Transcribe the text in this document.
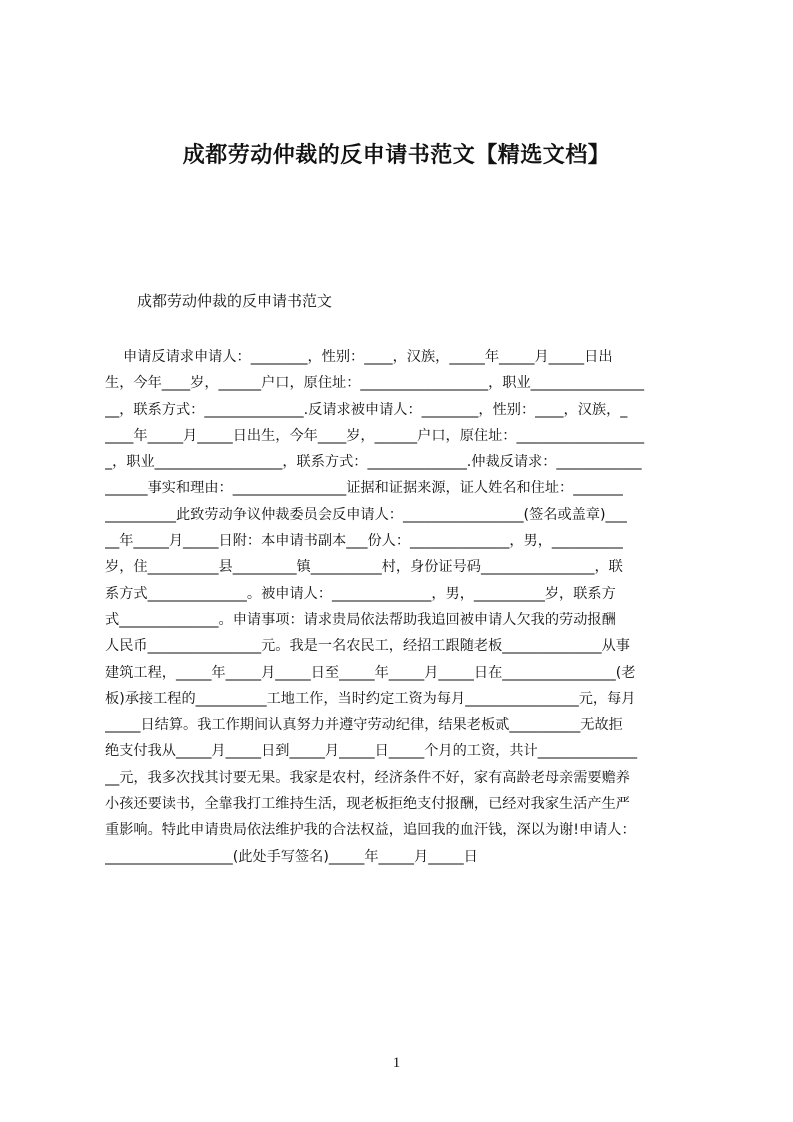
成都劳动仲裁的反申请书范文【精选文档】
成都劳动仲裁的反申请书范文
申请反请求申请人：________，性别：____，汉族，_____年_____月_____日出
生，今年____岁，______户口，原住址：__________________，职业________________
__，联系方式：______________.反请求被申请人：________，性别：____，汉族，_
____年_____月_____日出生，今年____岁，______户口，原住址：__________________
_，职业__________________，联系方式：______________.仲裁反请求：____________
______事实和理由：________________证据和证据来源，证人姓名和住址：_______
__________此致劳动争议仲裁委员会反申请人：_________________(签名或盖章)___
__年_____月_____日附：本申请书副本___份人：______________，男，__________
岁，住__________县_________镇__________村，身份证号码________________，联
系方式______________。被申请人：______________，男，__________岁，联系方
式______________。申请事项：请求贵局依法帮助我追回被申请人欠我的劳动报酬
人民币________________元。我是一名农民工，经招工跟随老板______________从事
建筑工程，_____年_____月_____日至_____年_____月_____日在________________(老
板)承接工程的__________工地工作，当时约定工资为每月________________元，每月
_____日结算。我工作期间认真努力并遵守劳动纪律，结果老板贰__________无故拒
绝支付我从_____月_____日到_____月_____日_____个月的工资，共计______________
__元，我多次找其讨要无果。我家是农村，经济条件不好，家有高龄老母亲需要赡养
小孩还要读书，全靠我打工维持生活，现老板拒绝支付报酬，已经对我家生活产生严
重影响。特此申请贵局依法维护我的合法权益，追回我的血汗钱，深以为谢!申请人：
__________________(此处手写签名)_____年_____月_____日
1
